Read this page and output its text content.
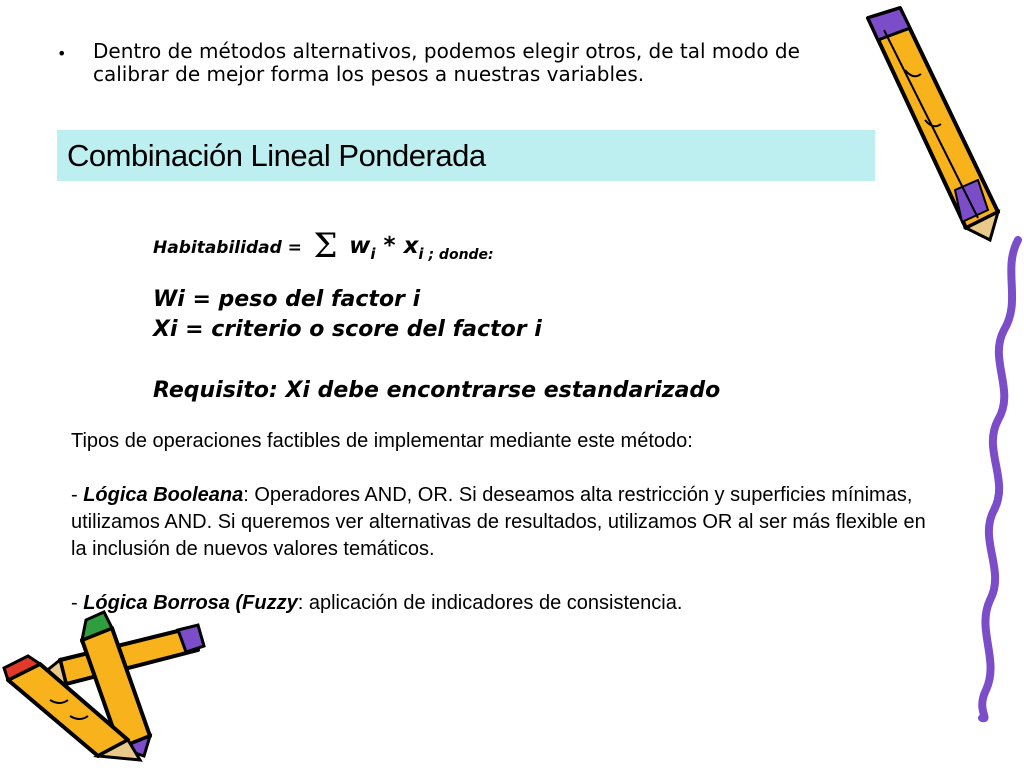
• Dentro de métodos alternativos, podemos elegir otros, de tal modo de calibrar de mejor forma los pesos a nuestras variables.
Combinación Lineal Ponderada
Habitabilidad = Σ wi * xi ; donde:
Wi = peso del factor i
Xi = criterio o score del factor i
Requisito: Xi debe encontrarse estandarizado

Tipos de operaciones factibles de implementar mediante este método:

- Lógica Booleana: Operadores AND, OR. Si deseamos alta restricción y superficies mínimas, utilizamos AND. Si queremos ver alternativas de resultados, utilizamos OR al ser más flexible en la inclusión de nuevos valores temáticos.

- Lógica Borrosa (Fuzzy: aplicación de indicadores de consistencia.
